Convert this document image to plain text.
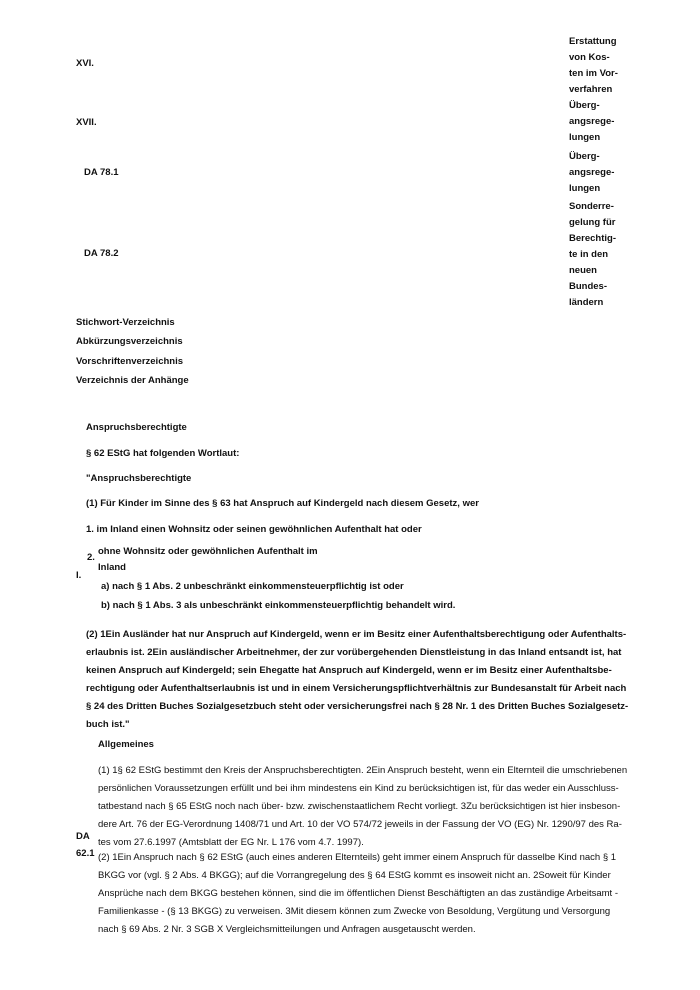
XVI.
Erstattung
von Kos-
ten im Vor-
verfahren
XVII.
Überg-
angsrege-
lungen
DA 78.1
Überg-
angsrege-
lungen
DA 78.2
Sonderre-
gelung für
Berechtig-
te in den
neuen
Bundes-
ländern
Stichwort-Verzeichnis
Abkürzungsverzeichnis
Vorschriftenverzeichnis
Verzeichnis der Anhänge
I.
Anspruchsberechtigte
§ 62 EStG hat folgenden Wortlaut:
"Anspruchsberechtigte
(1) Für Kinder im Sinne des § 63 hat Anspruch auf Kindergeld nach diesem Gesetz, wer
1. im Inland einen Wohnsitz oder seinen gewöhnlichen Aufenthalt hat oder
2.
ohne Wohnsitz oder gewöhnlichen Aufenthalt im
Inland
a) nach § 1 Abs. 2 unbeschränkt einkommensteuerpflichtig ist oder
b) nach § 1 Abs. 3 als unbeschränkt einkommensteuerpflichtig behandelt wird.
(2) 1Ein Ausländer hat nur Anspruch auf Kindergeld, wenn er im Besitz einer Aufenthaltsberechtigung oder Aufenthalts-
erlaubnis ist. 2Ein ausländischer Arbeitnehmer, der zur vorübergehenden Dienstleistung in das Inland entsandt ist, hat
keinen Anspruch auf Kindergeld; sein Ehegatte hat Anspruch auf Kindergeld, wenn er im Besitz einer Aufenthaltsbe-
rechtigung oder Aufenthaltserlaubnis ist und in einem Versicherungspflichtverhältnis zur Bundesanstalt für Arbeit nach
§ 24 des Dritten Buches Sozialgesetzbuch steht oder versicherungsfrei nach § 28 Nr. 1 des Dritten Buches Sozialgesetz-
buch ist."
DA
62.1
Allgemeines
(1) 1§ 62 EStG bestimmt den Kreis der Anspruchsberechtigten. 2Ein Anspruch besteht, wenn ein Elternteil die umschriebenen
persönlichen Voraussetzungen erfüllt und bei ihm mindestens ein Kind zu berücksichtigen ist, für das weder ein Ausschluss-
tatbestand nach § 65 EStG noch nach über- bzw. zwischenstaatlichem Recht vorliegt. 3Zu berücksichtigen ist hier insbeson-
dere Art. 76 der EG-Verordnung 1408/71 und Art. 10 der VO 574/72 jeweils in der Fassung der VO (EG) Nr. 1290/97 des Ra-
tes vom 27.6.1997 (Amtsblatt der EG Nr. L 176 vom 4.7. 1997).
(2) 1Ein Anspruch nach § 62 EStG (auch eines anderen Elternteils) geht immer einem Anspruch für dasselbe Kind nach § 1
BKGG vor (vgl. § 2 Abs. 4 BKGG); auf die Vorrangregelung des § 64 EStG kommt es insoweit nicht an. 2Soweit für Kinder
Ansprüche nach dem BKGG bestehen können, sind die im öffentlichen Dienst Beschäftigten an das zuständige Arbeitsamt -
Familienkasse - (§ 13 BKGG) zu verweisen. 3Mit diesem können zum Zwecke von Besoldung, Vergütung und Versorgung
nach § 69 Abs. 2 Nr. 3 SGB X Vergleichsmitteilungen und Anfragen ausgetauscht werden.
